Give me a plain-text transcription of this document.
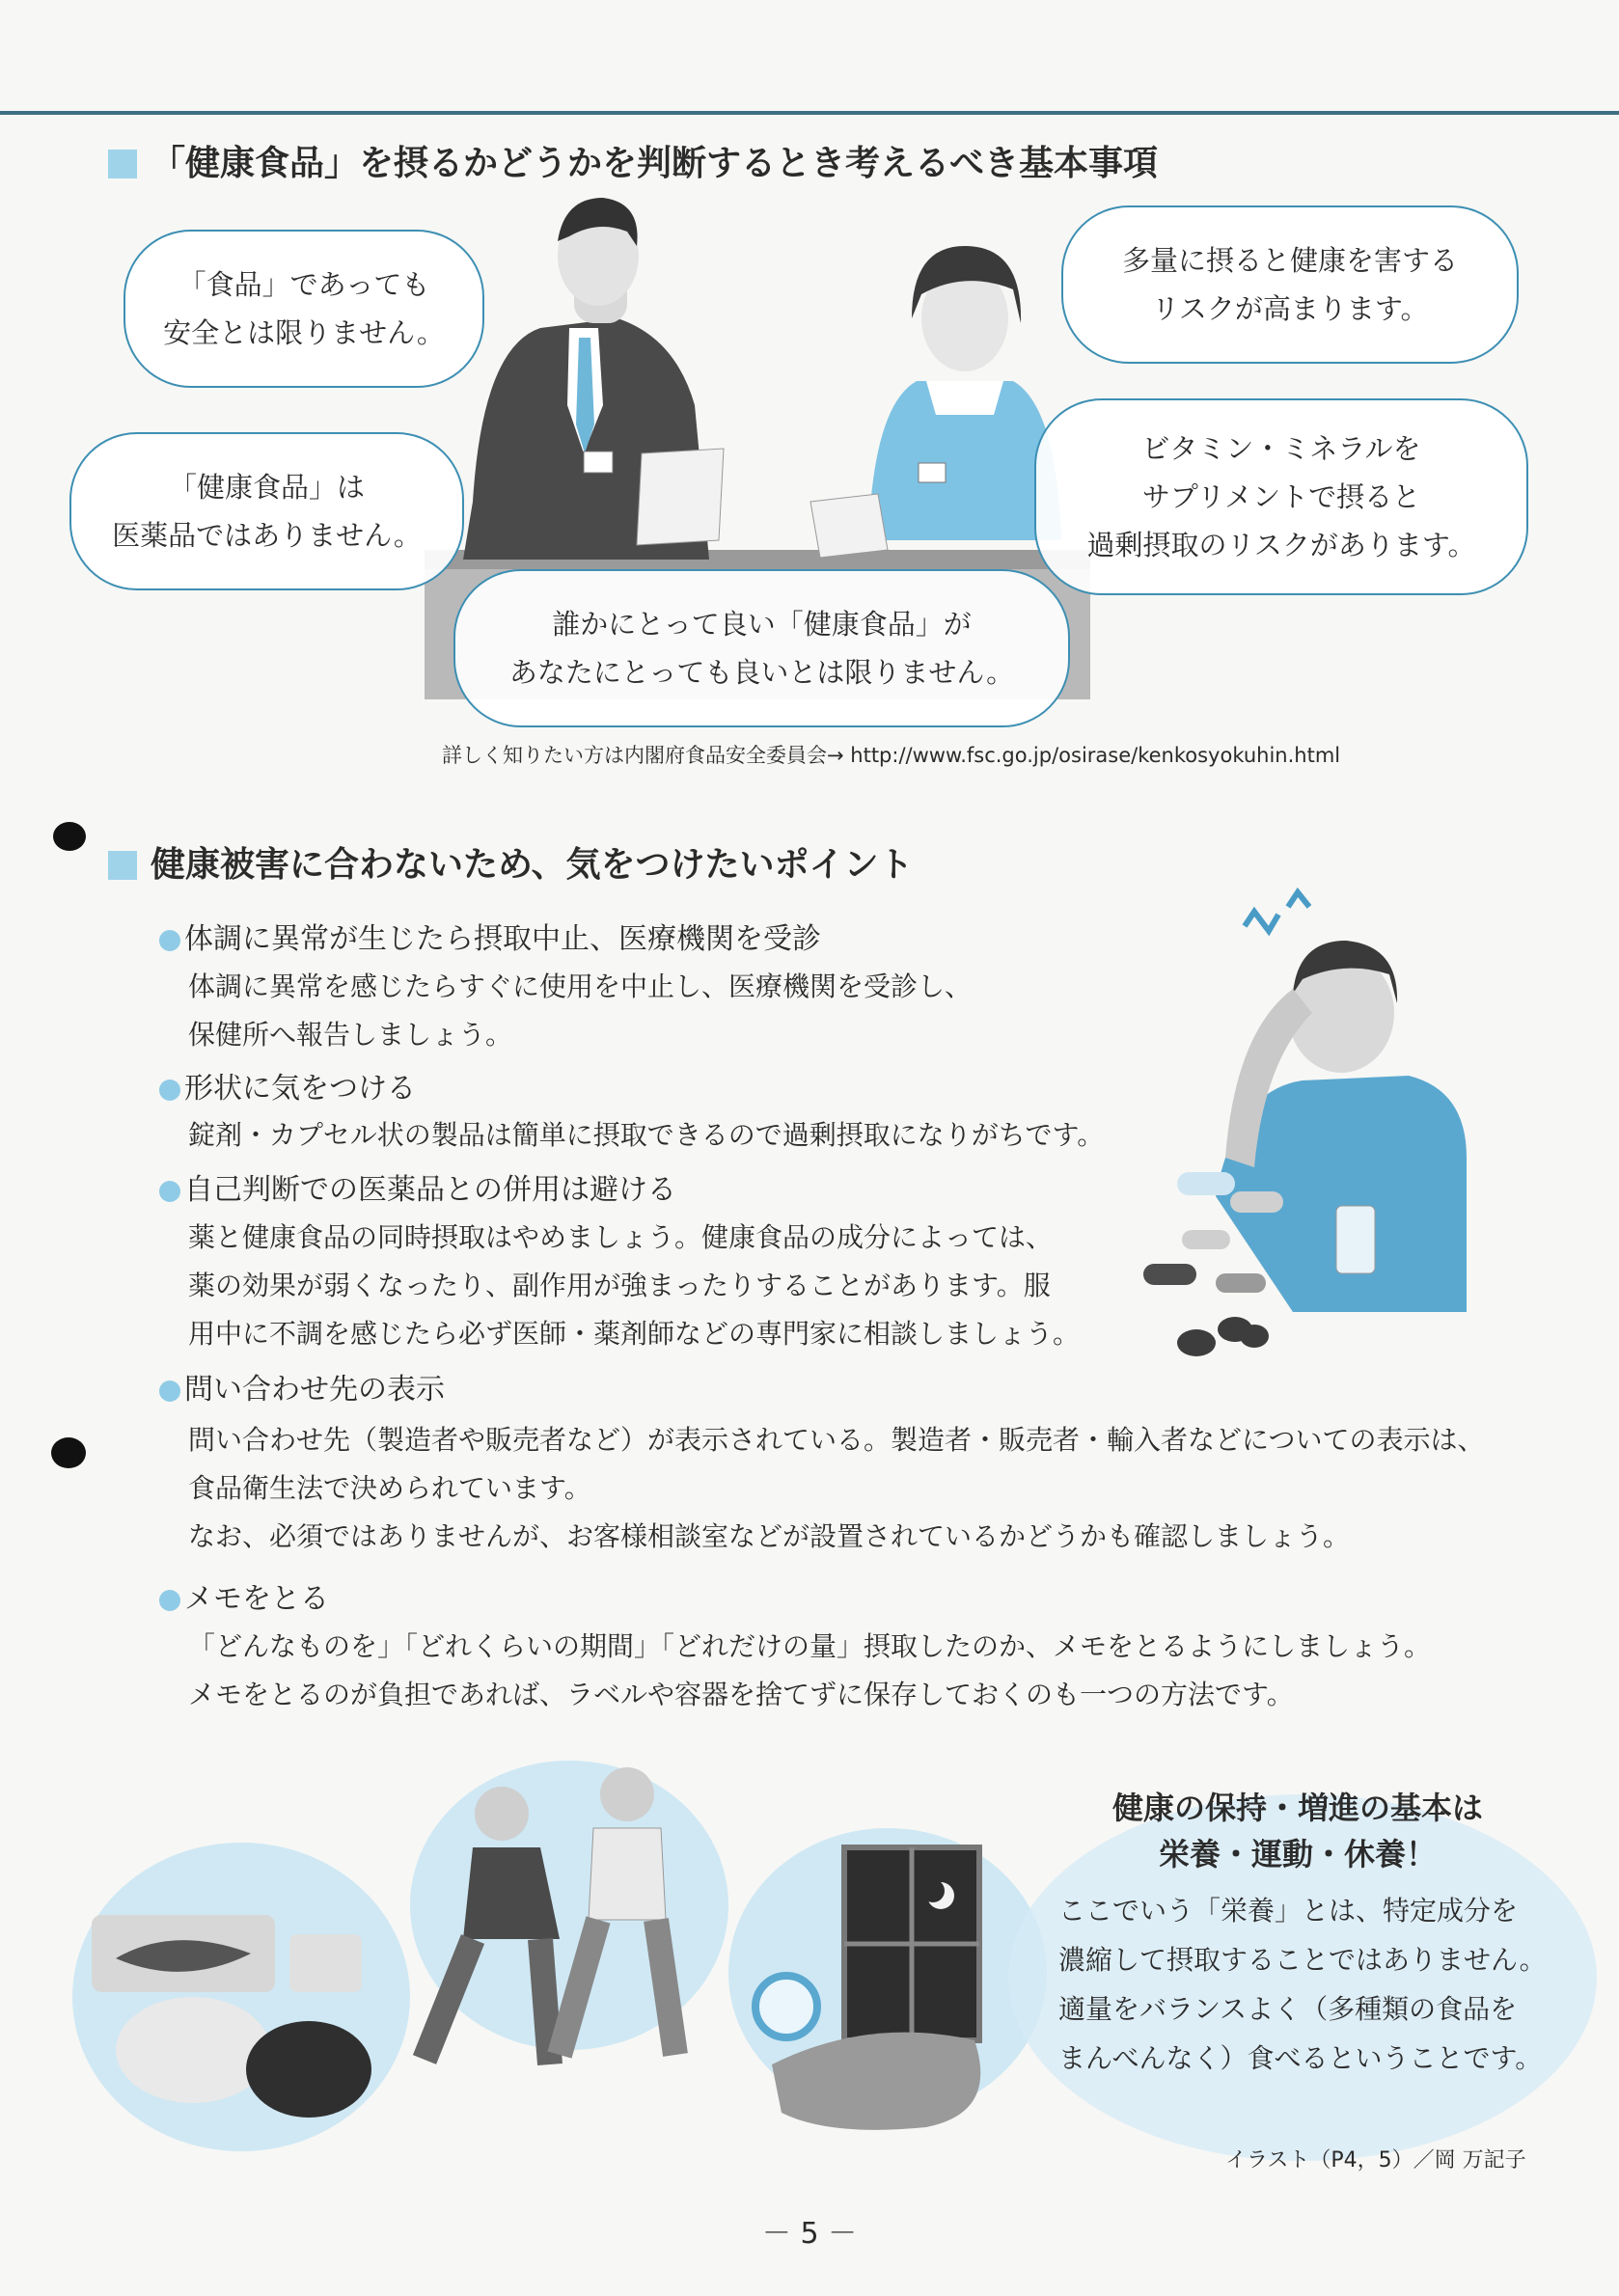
「健康食品」を摂るかどうかを判断するとき考えるべき基本事項
「食品」であっても
安全とは限りません。
「健康食品」は
医薬品ではありません。
多量に摂ると健康を害する
リスクが高まります。
ビタミン・ミネラルを
サプリメントで摂ると
過剰摂取のリスクがあります。
誰かにとって良い「健康食品」が
あなたにとっても良いとは限りません。
詳しく知りたい方は内閣府食品安全委員会→ http://www.fsc.go.jp/osirase/kenkosyokuhin.html
健康被害に合わないため、気をつけたいポイント
体調に異常が生じたら摂取中止、医療機関を受診
体調に異常を感じたらすぐに使用を中止し、医療機関を受診し、
保健所へ報告しましょう。
形状に気をつける
錠剤・カプセル状の製品は簡単に摂取できるので過剰摂取になりがちです。
自己判断での医薬品との併用は避ける
薬と健康食品の同時摂取はやめましょう。健康食品の成分によっては、
薬の効果が弱くなったり、副作用が強まったりすることがあります。服
用中に不調を感じたら必ず医師・薬剤師などの専門家に相談しましょう。
問い合わせ先の表示
問い合わせ先（製造者や販売者など）が表示されている。製造者・販売者・輸入者などについての表示は、
食品衛生法で決められています。
なお、必須ではありませんが、お客様相談室などが設置されているかどうかも確認しましょう。
メモをとる
「どんなものを」「どれくらいの期間」「どれだけの量」摂取したのか、メモをとるようにしましょう。
メモをとるのが負担であれば、ラベルや容器を捨てずに保存しておくのも一つの方法です。
健康の保持・増進の基本は
栄養・運動・休養！
ここでいう「栄養」とは、特定成分を
濃縮して摂取することではありません。
適量をバランスよく（多種類の食品を
まんべんなく）食べるということです。
イラスト（P4，5）／岡 万記子
－ 5 －
